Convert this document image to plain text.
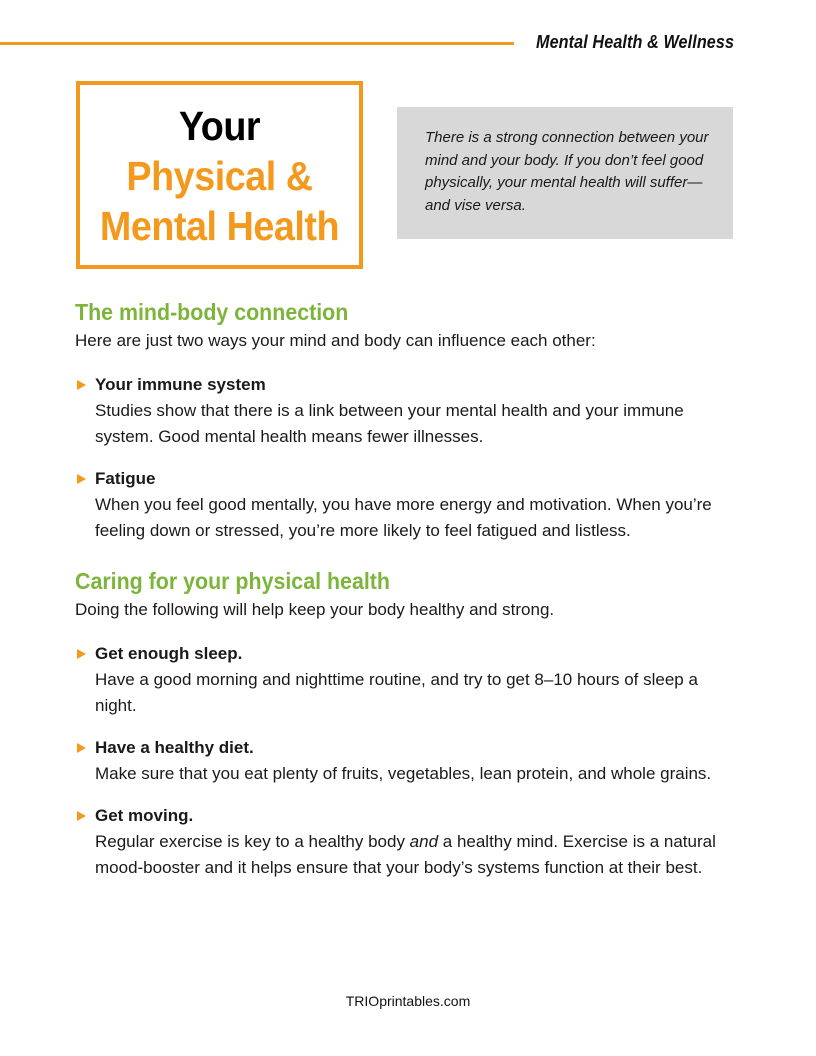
Mental Health & Wellness
Your
Physical &
Mental Health

There is a strong connection between your mind and your body. If you don’t feel good physically, your mental health will suffer—and vise versa.

The mind-body connection

Here are just two ways your mind and body can influence each other:

Your immune system
Studies show that there is a link between your mental health and your immune system. Good mental health means fewer illnesses.
Fatigue
When you feel good mentally, you have more energy and motivation. When you’re feeling down or stressed, you’re more likely to feel fatigued and listless.
Caring for your physical health

Doing the following will help keep your body healthy and strong.

Get enough sleep.
Have a good morning and nighttime routine, and try to get 8–10 hours of sleep a night.
Have a healthy diet.
Make sure that you eat plenty of fruits, vegetables, lean protein, and whole grains.
Get moving.
Regular exercise is key to a healthy body and a healthy mind. Exercise is a natural mood-booster and it helps ensure that your body’s systems function at their best.
TRIOprintables.com
